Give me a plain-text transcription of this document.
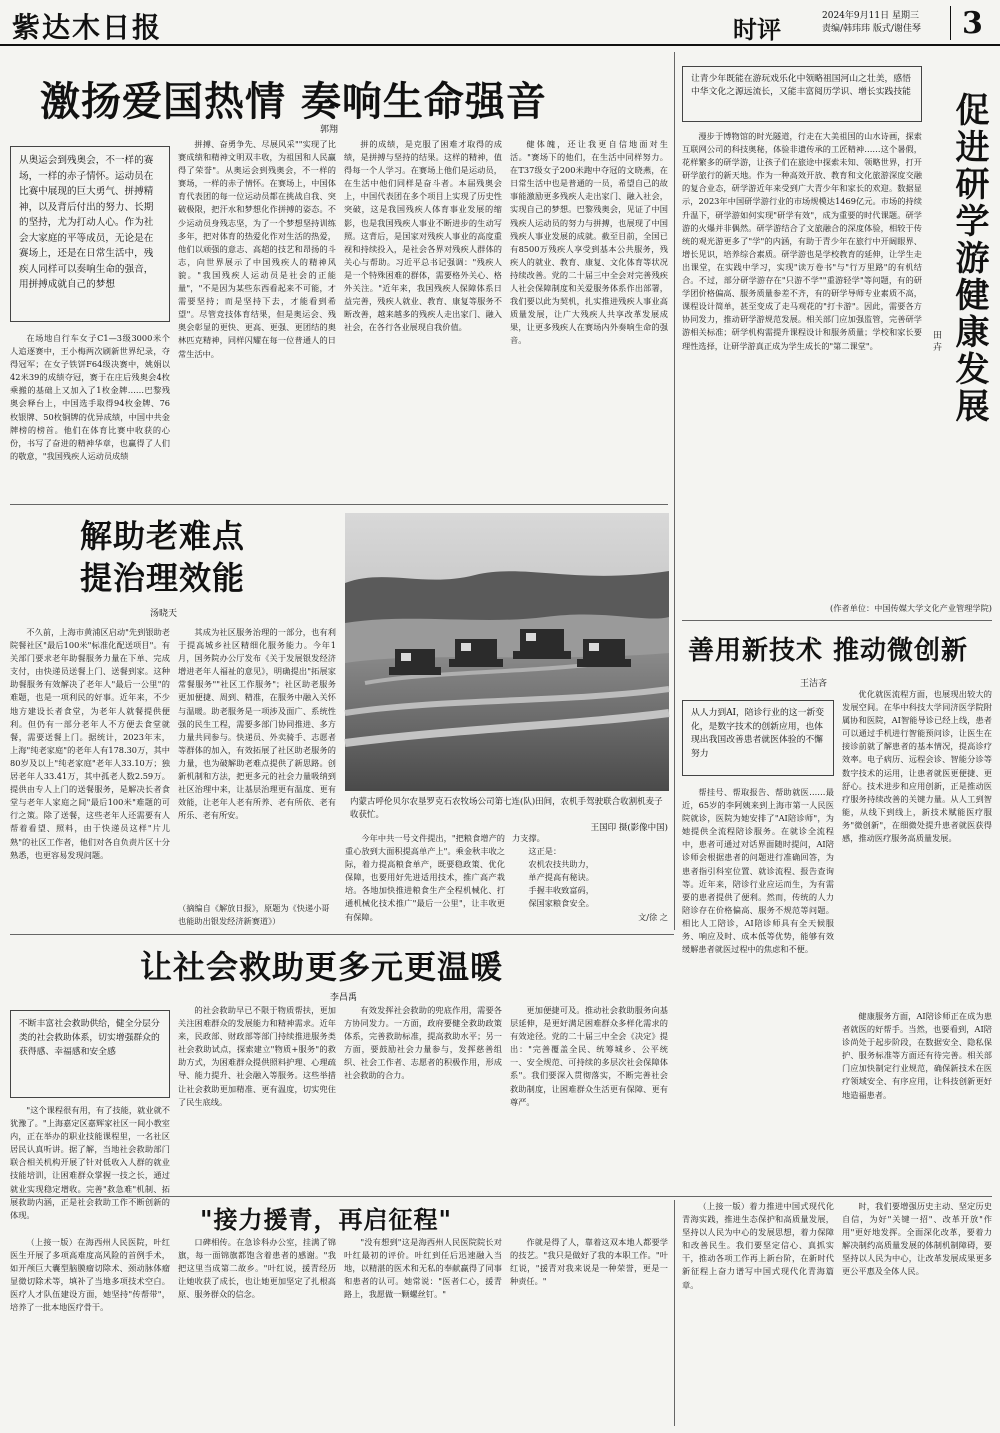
紫达木日报	时评	2024年9月11日 星期三
责编/韩玮玮 版式/谢佳琴 3
激扬爱国热情 奏响生命强音
郭翔
从奥运会到残奥会，不一样的赛场，一样的赤子情怀。运动员在比赛中展现的巨大勇气、拼搏精神，以及背后付出的努力、长期的坚持，尤为打动人心。作为社会大家庭的平等成员，无论是在赛场上，还是在日常生活中，残疾人同样可以奏响生命的强音，用拼搏成就自己的梦想

在场地自行车女子C1—3级3000米个人追逐赛中，王小梅两次刷新世界纪录，夺得冠军；在女子铁饼F64级决赛中，姚娟以42米39的成绩夺冠，赛于在庄后残奥会4枚乘搬的基础上又加入了1枚金牌……巴黎残奥会释台上，中国选手取得94枚金牌、76枚银牌、50枚铜牌的优异成绩，中国中共金牌榜的榜首。他们在体育比赛中收获的心份，书写了奋进的精神华章，也赢得了人们的敬意，"我国残疾人运动员成绩

拼搏、奋勇争先、尽展风采""实现了比赛成绩和精神文明双丰收，为祖国和人民赢得了荣誉"。从奥运会到残奥会，不一样的赛场，一样的赤子情怀。在赛场上，中国体育代表团的每一位运动员都在挑战自我、突破极限，把汗水和梦想化作拼搏的姿态。不少运动员身残志坚，为了一个梦想坚持训练多年，把对体育的热爱化作对生活的热爱，他们以顽强的意志、高超的技艺和昂扬的斗志，向世界展示了中国残疾人的精神风貌。"我国残疾人运动员是社会的正能量"，"不是因为某些东西看起来不可能，才需要坚持；而是坚持下去，才能看到希望"。尽管竞技体育结果，但是奥运会、残奥会彰显的更快、更高、更强、更团结的奥林匹克精神，同样闪耀在每一位普通人的日常生活中。

拼的成绩，是克服了困难才取得的成绩，是拼搏与坚持的结果。这样的精神，值得每一个人学习。在赛场上他们是运动员，在生活中他们同样是奋斗者。本届残奥会上，中国代表团在多个项目上实现了历史性突破，这是我国残疾人体育事业发展的缩影，也是我国残疾人事业不断进步的生动写照。这背后，是国家对残疾人事业的高度重视和持续投入，是社会各界对残疾人群体的关心与帮助。习近平总书记强调："残疾人是一个特殊困难的群体，需要格外关心、格外关注。"近年来，我国残疾人保障体系日益完善，残疾人就业、教育、康复等服务不断改善，越来越多的残疾人走出家门、融入社会，在各行各业展现自我价值。

健体魄，还让我更自信地面对生活。"赛场下的他们，在生活中同样努力。在T37级女子200米跑中夺冠的文晓燕，在日常生活中也是普通的一员，希望自己的故事能激励更多残疾人走出家门、融入社会，实现自己的梦想。巴黎残奥会，见证了中国残疾人运动员的努力与拼搏，也展现了中国残疾人事业发展的成就。截至目前，全国已有8500万残疾人享受到基本公共服务，残疾人的就业、教育、康复、文化体育等状况持续改善。党的二十届三中全会对完善残疾人社会保障制度和关爱服务体系作出部署，我们要以此为契机，扎实推进残疾人事业高质量发展，让广大残疾人共享改革发展成果，让更多残疾人在赛场内外奏响生命的强音。

解助老难点
提治理效能
汤晓天

不久前，上海市黄浦区启动"先到银助老院餐社区"最后100米"标准化配送项目"。有关部门要求老年助餐服务力量在下单、完成支付，由快递员送餐上门、送餐到家。这种助餐服务有效解决了老年人"最后一公里"的难题，也是一项利民的好事。近年来，不少地方建设长者食堂，为老年人就餐提供便利。但仍有一部分老年人不方便去食堂就餐，需要送餐上门。据统计，2023年末，上海"纯老家庭"的老年人有178.30万，其中80岁及以上"纯老家庭"老年人33.10万；独居老年人33.41万，其中孤老人数2.59万。提供由专人上门的送餐服务，是解决长者食堂与老年人家庭之间"最后100米"难题的可行之策。除了送餐，这些老年人还需要有人帮着看望、照料，由于快递员这样"片儿熟"的社区工作者，他们对各自负责片区十分熟悉，也更容易发现问题。

其成为社区服务治理的一部分，也有利于提高城乡社区精细化服务能力。今年1月，国务院办公厅发布《关于发展银发经济增进老年人福祉的意见》，明确提出"拓展家常餐服务""社区工作服务"；社区助老服务更加便捷、周到、精准，在服务中融入关怀与温暖。助老服务是一项涉及面广、系统性强的民生工程，需要多部门协同推进、多方力量共同参与。快递员、外卖骑手、志愿者等群体的加入，有效拓展了社区助老服务的力量，也为破解助老难点提供了新思路。创新机制和方法，把更多元的社会力量吸纳到社区治理中来，让基层治理更有温度、更有效能，让老年人老有所养、老有所依、老有所乐、老有所安。

（摘编自《解放日报》，原题为《快递小哥也能助出银发经济新赛道》）
内蒙古呼伦贝尔农垦罗克石农牧场公司第七连(队)田间，农机手驾驶联合收割机麦子收获忙。
王国印 摄(影像中国)

今年中共一号文件提出，"把粮食增产的重心放到大面积提高单产上"。乘金秋丰收之际，着力提高粮食单产，既要稳政策、优化保障，也要用好先进适用技术，推广高产栽培。各地加快推进粮食生产全程机械化、打通机械化技术推广"最后一公里"，让丰收更有保障。

力支撑。
这正是：
农机农技共助力，
单产提高有秘诀。
手握丰收致富码，
保国家粮食安全。
文/徐 之
让青少年既能在游玩戏乐化中领略祖国河山之壮美，感悟中华文化之源远流长，又能丰富阅历学识、增长实践技能	促进研学游健康发展
田 卉

漫步于博物馆的时光隧道，行走在大美祖国的山水诗画，探索互联网公司的科技奥秘，体验非遗传承的工匠精神……这个暑假，花样繁多的研学游，让孩子们在旅途中探索未知、领略世界，打开研学旅行的新天地。作为一种高效开放、教育和文化旅游深度交融的复合业态，研学游近年来受到广大青少年和家长的欢迎。数据显示，2023年中国研学游行业的市场规模达1469亿元。市场的持续升温下，研学游如何实现"研学有效"，成为重要的时代课题。研学游的火爆并非偶然。研学游结合了文旅融合的深度体验，相较于传统的观光游更多了"学"的内涵，有助于青少年在旅行中开阔眼界、增长见识，培养综合素质。研学游也是学校教育的延伸，让学生走出课堂，在实践中学习，实现"读万卷书"与"行万里路"的有机结合。不过，部分研学游存在"只游不学""重游轻学"等问题，有的研学团价格偏高、服务质量参差不齐，有的研学导师专业素质不高，课程设计简单，甚至变成了走马观花的"打卡游"。因此，需要各方协同发力，推动研学游规范发展。相关部门应加强监管，完善研学游相关标准；研学机构需提升课程设计和服务质量；学校和家长要理性选择，让研学游真正成为学生成长的"第二课堂"。

(作者单位：中国传媒大学文化产业管理学院)
善用新技术 推动微创新
王洁吝
从人力到AI，陪诊行业的这一新变化，是数字技术的创新应用，也体现出我国改善患者就医体验的不懈努力

帮挂号、帮取报告、帮助就医……最近，65岁的李阿姨来到上海市第一人民医院就诊，医院为她安排了"AI陪诊师"，为她提供全流程陪诊服务。在就诊全流程中，患者可通过对话界面随时提问，AI陪诊师会根据患者的问题进行准确回答，为患者指引科室位置、就诊流程、报告查询等。近年来，陪诊行业应运而生，为有需要的患者提供了便利。然而，传统的人力陪诊存在价格偏高、服务不规范等问题。相比人工陪诊，AI陪诊师具有全天候服务、响应及时、成本低等优势，能够有效缓解患者就医过程中的焦虑和不便。

优化就医流程方面，也展现出较大的发展空间。在华中科技大学同济医学院附属协和医院，AI智能导诊已经上线，患者可以通过手机进行智能预问诊，让医生在接诊前就了解患者的基本情况，提高诊疗效率。电子病历、远程会诊、智能分诊等数字技术的运用，让患者就医更便捷、更舒心。技术进步和应用创新，正是推动医疗服务持续改善的关键力量。从人工到智能，从线下到线上，新技术赋能医疗服务"微创新"，在细微处提升患者就医获得感，推动医疗服务高质量发展。

健康服务方面，AI陪诊师正在成为患者就医的好帮手。当然，也要看到，AI陪诊尚处于起步阶段，在数据安全、隐私保护、服务标准等方面还有待完善。相关部门应加快制定行业规范，确保新技术在医疗领域安全、有序应用，让科技创新更好地造福患者。

让社会救助更多元更温暖
李昌禹
不断丰富社会救助供给，健全分层分类的社会救助体系，切实增强群众的获得感、幸福感和安全感

"这个课程很有用，有了技能，就业就不犹豫了。"上海嘉定区嘉辉家社区一间小教室内，正在举办的职业技能课程里，一名社区居民认真听讲。据了解，当地社会救助部门联合相关机构开展了针对低收入人群的就业技能培训，让困难群众掌握一技之长，通过就业实现稳定增收。完善"救急难"机制、拓展救助内涵，正是社会救助工作不断创新的体现。

的社会救助早已不限于物质帮扶，更加关注困难群众的发展能力和精神需求。近年来，民政部、财政部等部门持续推进服务类社会救助试点，探索建立"物质+服务"的救助方式，为困难群众提供照料护理、心理疏导、能力提升、社会融入等服务。这些举措让社会救助更加精准、更有温度，切实兜住了民生底线。

有效发挥社会救助的兜底作用，需要各方协同发力。一方面，政府要健全救助政策体系，完善救助标准，提高救助水平；另一方面，要鼓励社会力量参与，发挥慈善组织、社会工作者、志愿者的积极作用，形成社会救助的合力。

更加便捷可及。推动社会救助服务向基层延伸，是更好满足困难群众多样化需求的有效途径。党的二十届三中全会《决定》提出："完善覆盖全民、统筹城乡、公平统一、安全规范、可持续的多层次社会保障体系"。我们要深入贯彻落实，不断完善社会救助制度，让困难群众生活更有保障、更有尊严。

"接力援青，再启征程"

（上接一版）在海西州人民医院，叶红医生开展了多项高难度高风险的首例手术，如开颅巨大囊型脑膜瘤切除术、颈动脉体瘤显微切除术等，填补了当地多项技术空白。医疗人才队伍建设方面，她坚持"传帮带"，培养了一批本地医疗骨干。

口碑相传。在急诊科办公室，挂满了锦旗，每一面锦旗都饱含着患者的感谢。"我把这里当成第二故乡。"叶红说，援青经历让她收获了成长，也让她更加坚定了扎根高原、服务群众的信念。

"没有想到"这是海西州人民医院院长对叶红最初的评价。叶红到任后迅速融入当地，以精湛的医术和无私的奉献赢得了同事和患者的认可。她常说："医者仁心，援青路上，我愿做一颗螺丝钉。"

作就是得了人，靠着这双本地人都要学的技艺。"我只是做好了我的本职工作。"叶红说，"援青对我来说是一种荣誉，更是一种责任。"

（上接一版）着力推进中国式现代化青海实践，推进生态保护和高质量发展，坚持以人民为中心的发展思想，着力保障和改善民生。我们要坚定信心、真抓实干，推动各项工作再上新台阶，在新时代新征程上奋力谱写中国式现代化青海篇章。

时，我们要增强历史主动、坚定历史自信，为好"关键一招"、改革开放"作用"更好地发挥。全面深化改革，要着力解决制约高质量发展的体制机制障碍，要坚持以人民为中心，让改革发展成果更多更公平惠及全体人民。
